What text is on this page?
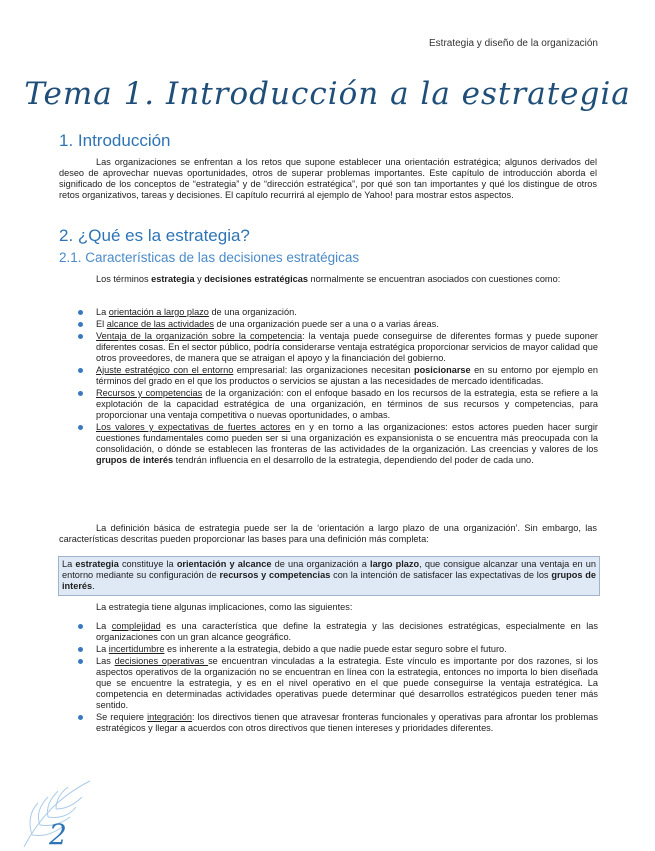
Estrategia y diseño de la organización
Tema 1. Introducción a la estrategia
1. Introducción

Las organizaciones se enfrentan a los retos que supone establecer una orientación estratégica; algunos derivados del deseo de aprovechar nuevas oportunidades, otros de superar problemas importantes. Este capítulo de introducción aborda el significado de los conceptos de “estrategia” y de “dirección estratégica”, por qué son tan importantes y qué los distingue de otros retos organizativos, tareas y decisiones. El capítulo recurrirá al ejemplo de Yahoo! para mostrar estos aspectos.

2. ¿Qué es la estrategia?
2.1. Características de las decisiones estratégicas

Los términos estrategia y decisiones estratégicas normalmente se encuentran asociados con cuestiones como:

La orientación a largo plazo de una organización.
El alcance de las actividades de una organización puede ser a una o a varias áreas.
Ventaja de la organización sobre la competencia: la ventaja puede conseguirse de diferentes formas y puede suponer diferentes cosas. En el sector público, podría considerarse ventaja estratégica proporcionar servicios de mayor calidad que otros proveedores, de manera que se atraigan el apoyo y la financiación del gobierno.
Ajuste estratégico con el entorno empresarial: las organizaciones necesitan posicionarse en su entorno por ejemplo en términos del grado en el que los productos o servicios se ajustan a las necesidades de mercado identificadas.
Recursos y competencias de la organización: con el enfoque basado en los recursos de la estrategia, esta se refiere a la explotación de la capacidad estratégica de una organización, en términos de sus recursos y competencias, para proporcionar una ventaja competitiva o nuevas oportunidades, o ambas.
Los valores y expectativas de fuertes actores en y en torno a las organizaciones: estos actores pueden hacer surgir cuestiones fundamentales como pueden ser si una organización es expansionista o se encuentra más preocupada con la consolidación, o dónde se establecen las fronteras de las actividades de la organización. Las creencias y valores de los grupos de interés tendrán influencia en el desarrollo de la estrategia, dependiendo del poder de cada uno.

La definición básica de estrategia puede ser la de ‘orientación a largo plazo de una organización’. Sin embargo, las características descritas pueden proporcionar las bases para una definición más completa:

La estrategia constituye la orientación y alcance de una organización a largo plazo, que consigue alcanzar una ventaja en un entorno mediante su configuración de recursos y competencias con la intención de satisfacer las expectativas de los grupos de interés.

La estrategia tiene algunas implicaciones, como las siguientes:

La complejidad es una característica que define la estrategia y las decisiones estratégicas, especialmente en las organizaciones con un gran alcance geográfico.
La incertidumbre es inherente a la estrategia, debido a que nadie puede estar seguro sobre el futuro.
Las decisiones operativas se encuentran vinculadas a la estrategia. Este vínculo es importante por dos razones, si los aspectos operativos de la organización no se encuentran en línea con la estrategia, entonces no importa lo bien diseñada que se encuentre la estrategia, y es en el nivel operativo en el que puede conseguirse la ventaja estratégica. La competencia en determinadas actividades operativas puede determinar qué desarrollos estratégicos pueden tener más sentido.
Se requiere integración: los directivos tienen que atravesar fronteras funcionales y operativas para afrontar los problemas estratégicos y llegar a acuerdos con otros directivos que tienen intereses y prioridades diferentes.
2
